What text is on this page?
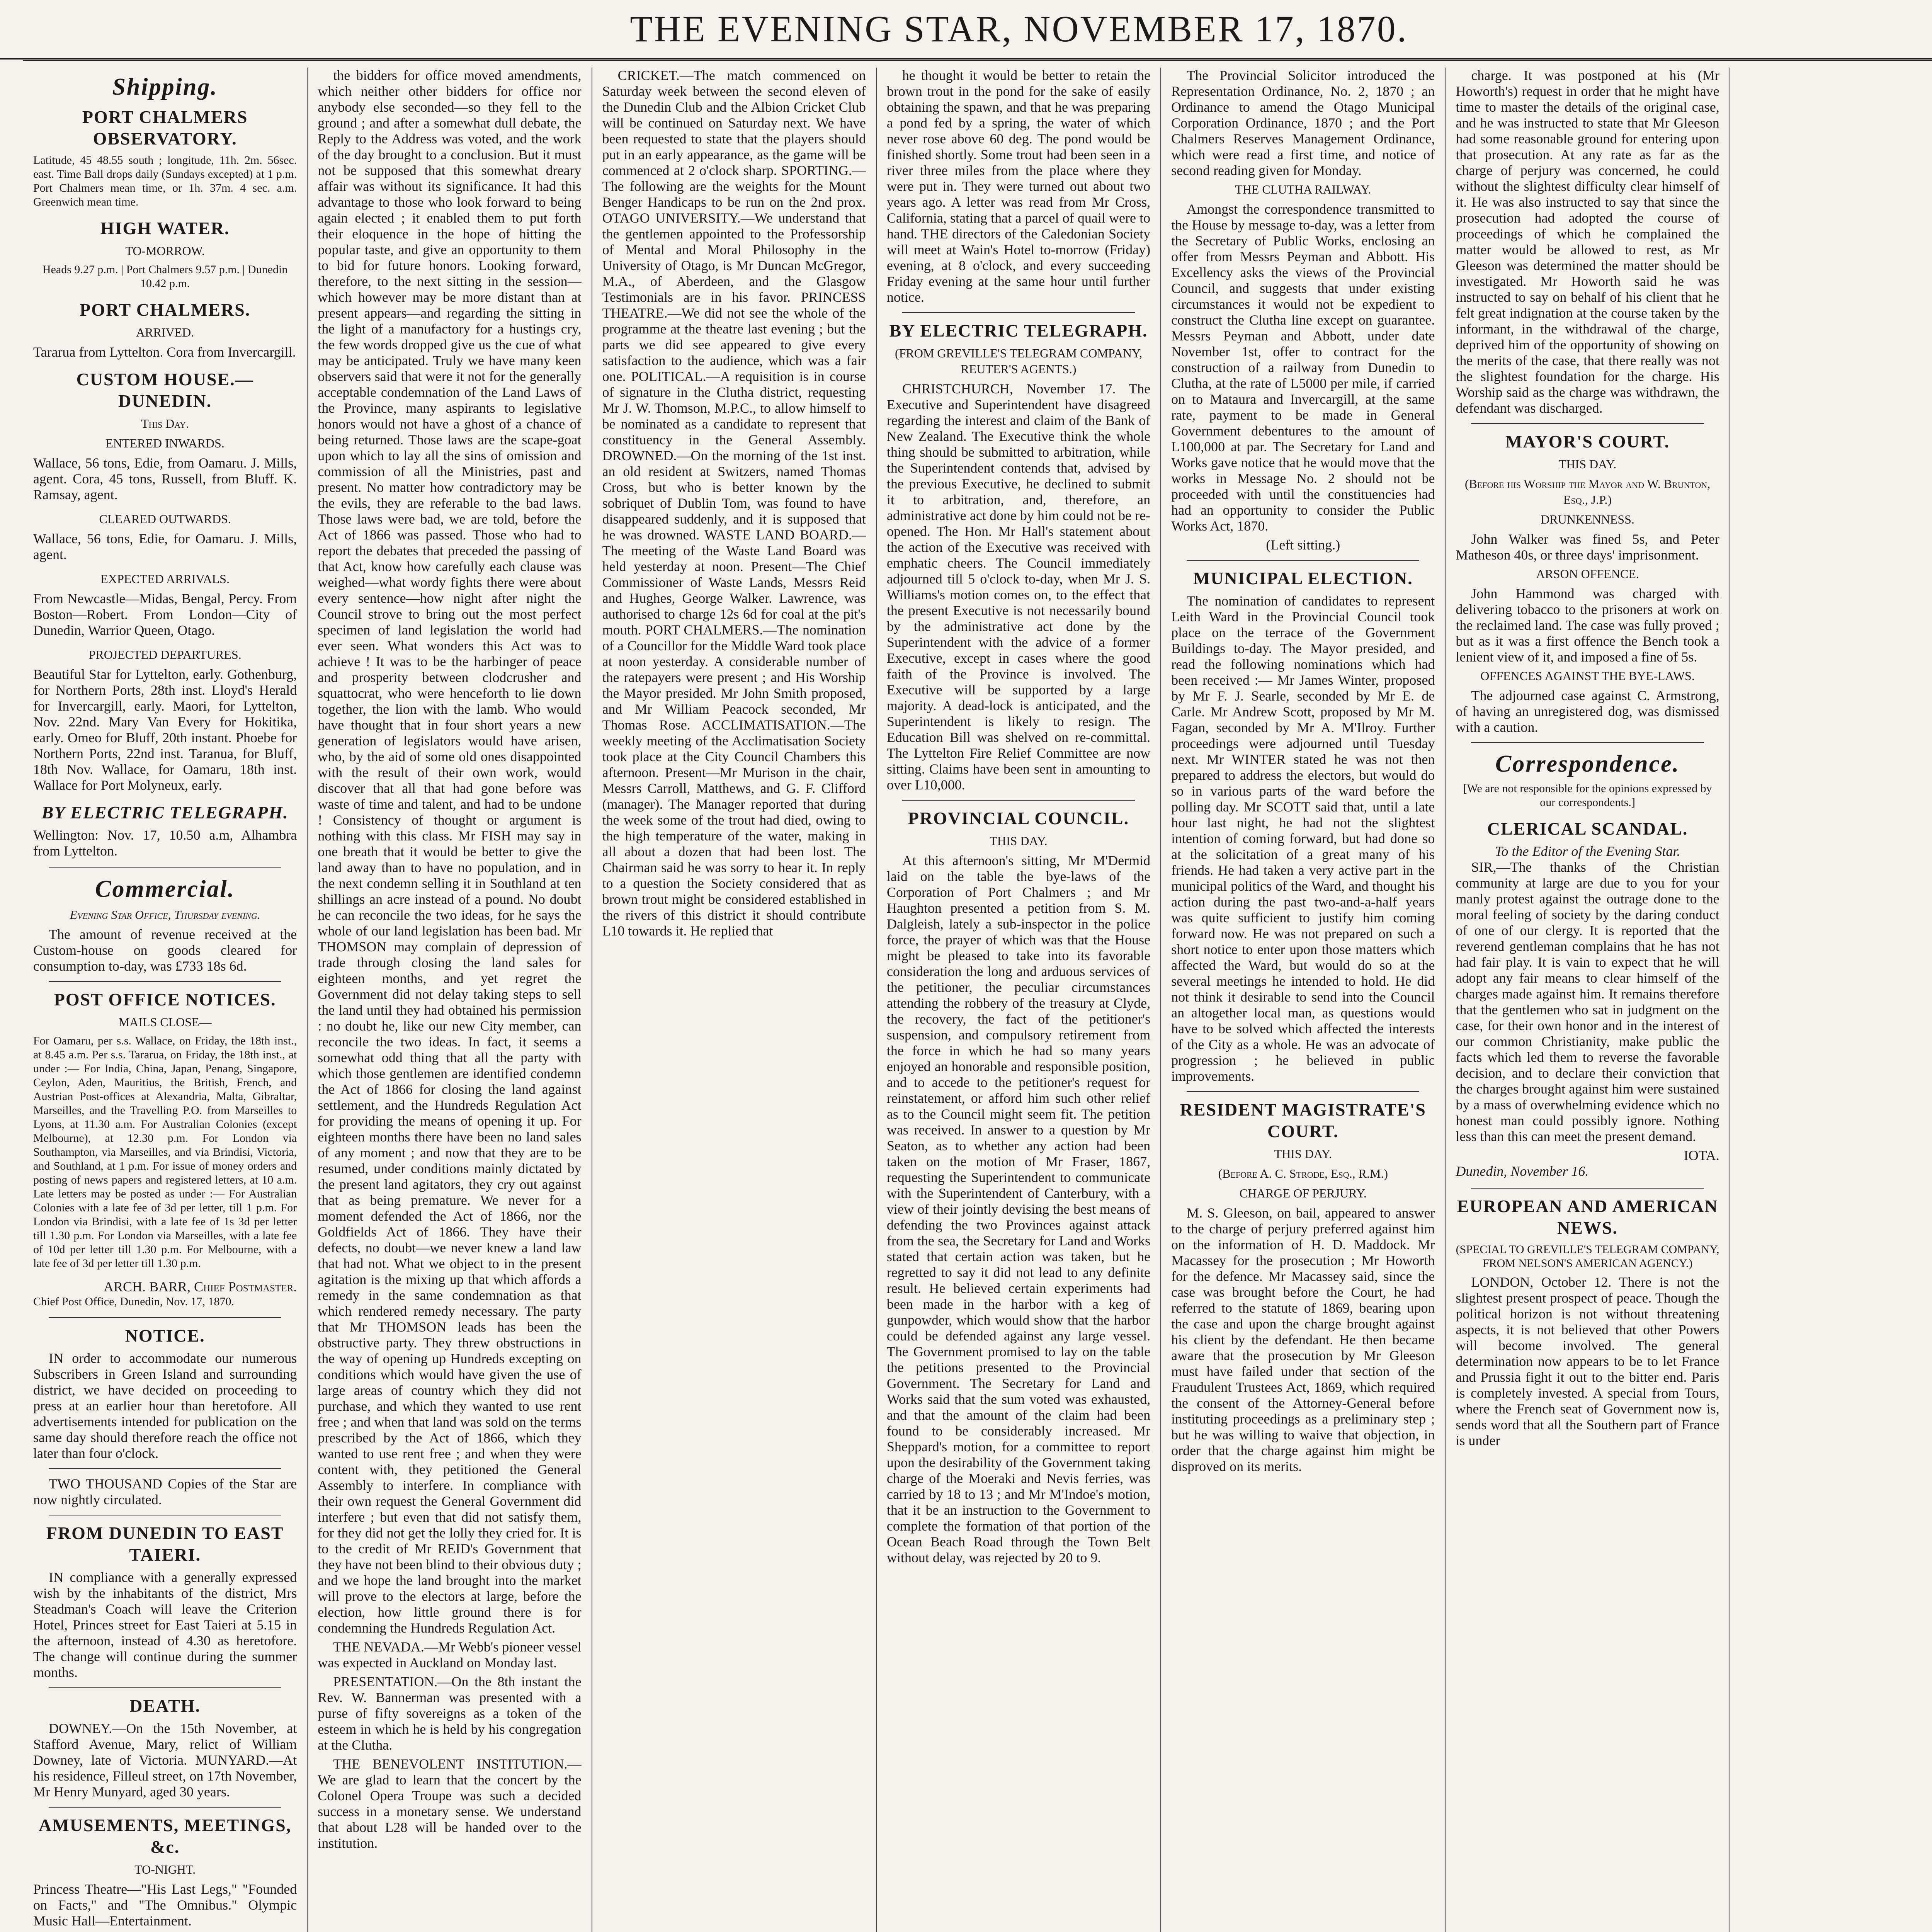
THE EVENING STAR, NOVEMBER 17, 1870.
Shipping.
PORT CHALMERS OBSERVATORY.
Latitude, 45 48.55 south ; longitude, 11h. 2m. 56sec. east. Time Ball drops daily (Sundays excepted) at 1 p.m. Port Chalmers mean time, or 1h. 37m. 4 sec. a.m. Greenwich mean time.
HIGH WATER.
TO-MORROW.
Heads 9.27 p.m. | Port Chalmers 9.57 p.m. | Dunedin 10.42 p.m.
PORT CHALMERS.
ARRIVED.
Tararua from Lyttelton. Cora from Invercargill.
CUSTOM HOUSE.—DUNEDIN.
This Day.
ENTERED INWARDS.
Wallace, 56 tons, Edie, from Oamaru. J. Mills, agent. Cora, 45 tons, Russell, from Bluff. K. Ramsay, agent.
CLEARED OUTWARDS.
Wallace, 56 tons, Edie, for Oamaru. J. Mills, agent.
EXPECTED ARRIVALS.
From Newcastle—Midas, Bengal, Percy. From Boston—Robert. From London—City of Dunedin, Warrior Queen, Otago.
PROJECTED DEPARTURES.
Beautiful Star for Lyttelton, early. Gothenburg, for Northern Ports, 28th inst. Lloyd's Herald for Invercargill, early. Maori, for Lyttelton, Nov. 22nd. Mary Van Every for Hokitika, early. Omeo for Bluff, 20th instant. Phoebe for Northern Ports, 22nd inst. Taranua, for Bluff, 18th Nov. Wallace, for Oamaru, 18th inst. Wallace for Port Molyneux, early.
BY ELECTRIC TELEGRAPH.
Wellington: Nov. 17, 10.50 a.m, Alhambra from Lyttelton.
Commercial.
Evening Star Office, Thursday evening.
The amount of revenue received at the Custom-house on goods cleared for consumption to-day, was £733 18s 6d.
POST OFFICE NOTICES.
MAILS CLOSE—
For Oamaru, per s.s. Wallace, on Friday, the 18th inst., at 8.45 a.m. Per s.s. Tararua, on Friday, the 18th inst., at under :— For India, China, Japan, Penang, Singapore, Ceylon, Aden, Mauritius, the British, French, and Austrian Post-offices at Alexandria, Malta, Gibraltar, Marseilles, and the Travelling P.O. from Marseilles to Lyons, at 11.30 a.m. For Australian Colonies (except Melbourne), at 12.30 p.m. For London via Southampton, via Marseilles, and via Brindisi, Victoria, and Southland, at 1 p.m. For issue of money orders and posting of news papers and registered letters, at 10 a.m. Late letters may be posted as under :— For Australian Colonies with a late fee of 3d per letter, till 1 p.m. For London via Brindisi, with a late fee of 1s 3d per letter till 1.30 p.m. For London via Marseilles, with a late fee of 10d per letter till 1.30 p.m. For Melbourne, with a late fee of 3d per letter till 1.30 p.m.
ARCH. BARR, Chief Postmaster.
Chief Post Office, Dunedin, Nov. 17, 1870.
NOTICE.
IN order to accommodate our numerous Subscribers in Green Island and surrounding district, we have decided on proceeding to press at an earlier hour than heretofore. All advertisements intended for publication on the same day should therefore reach the office not later than four o'clock.
TWO THOUSAND Copies of the Star are now nightly circulated.
FROM DUNEDIN TO EAST TAIERI.
IN compliance with a generally expressed wish by the inhabitants of the district, Mrs Steadman's Coach will leave the Criterion Hotel, Princes street for East Taieri at 5.15 in the afternoon, instead of 4.30 as heretofore. The change will continue during the summer months.
DEATH.
DOWNEY.—On the 15th November, at Stafford Avenue, Mary, relict of William Downey, late of Victoria. MUNYARD.—At his residence, Filleul street, on 17th November, Mr Henry Munyard, aged 30 years.
AMUSEMENTS, MEETINGS, &c.
TO-NIGHT.
Princess Theatre—"His Last Legs," "Founded on Facts," and "The Omnibus." Olympic Music Hall—Entertainment.
the bidders for office moved amendments, which neither other bidders for office nor anybody else seconded—so they fell to the ground ; and after a somewhat dull debate, the Reply to the Address was voted, and the work of the day brought to a conclusion. But it must not be supposed that this somewhat dreary affair was without its significance. It had this advantage to those who look forward to being again elected ; it enabled them to put forth their eloquence in the hope of hitting the popular taste, and give an opportunity to them to bid for future honors. Looking forward, therefore, to the next sitting in the session—which however may be more distant than at present appears—and regarding the sitting in the light of a manufactory for a hustings cry, the few words dropped give us the cue of what may be anticipated. Truly we have many keen observers said that were it not for the generally acceptable condemnation of the Land Laws of the Province, many aspirants to legislative honors would not have a ghost of a chance of being returned. Those laws are the scape-goat upon which to lay all the sins of omission and commission of all the Ministries, past and present. No matter how contradictory may be the evils, they are referable to the bad laws. Those laws were bad, we are told, before the Act of 1866 was passed. Those who had to report the debates that preceded the passing of that Act, know how carefully each clause was weighed—what wordy fights there were about every sentence—how night after night the Council strove to bring out the most perfect specimen of land legislation the world had ever seen. What wonders this Act was to achieve ! It was to be the harbinger of peace and prosperity between clodcrusher and squattocrat, who were henceforth to lie down together, the lion with the lamb. Who would have thought that in four short years a new generation of legislators would have arisen, who, by the aid of some old ones disappointed with the result of their own work, would discover that all that had gone before was waste of time and talent, and had to be undone ! Consistency of thought or argument is nothing with this class. Mr FISH may say in one breath that it would be better to give the land away than to have no population, and in the next condemn selling it in Southland at ten shillings an acre instead of a pound. No doubt he can reconcile the two ideas, for he says the whole of our land legislation has been bad. Mr THOMSON may complain of depression of trade through closing the land sales for eighteen months, and yet regret the Government did not delay taking steps to sell the land until they had obtained his permission : no doubt he, like our new City member, can reconcile the two ideas. In fact, it seems a somewhat odd thing that all the party with which those gentlemen are identified condemn the Act of 1866 for closing the land against settlement, and the Hundreds Regulation Act for providing the means of opening it up. For eighteen months there have been no land sales of any moment ; and now that they are to be resumed, under conditions mainly dictated by the present land agitators, they cry out against that as being premature. We never for a moment defended the Act of 1866, nor the Goldfields Act of 1866. They have their defects, no doubt—we never knew a land law that had not. What we object to in the present agitation is the mixing up that which affords a remedy in the same condemnation as that which rendered remedy necessary. The party that Mr THOMSON leads has been the obstructive party. They threw obstructions in the way of opening up Hundreds excepting on conditions which would have given the use of large areas of country which they did not purchase, and which they wanted to use rent free ; and when that land was sold on the terms prescribed by the Act of 1866, which they wanted to use rent free ; and when they were content with, they petitioned the General Assembly to interfere. In compliance with their own request the General Government did interfere ; but even that did not satisfy them, for they did not get the lolly they cried for. It is to the credit of Mr REID's Government that they have not been blind to their obvious duty ; and we hope the land brought into the market will prove to the electors at large, before the election, how little ground there is for condemning the Hundreds Regulation Act.
THE NEVADA.—Mr Webb's pioneer vessel was expected in Auckland on Monday last.
PRESENTATION.—On the 8th instant the Rev. W. Bannerman was presented with a purse of fifty sovereigns as a token of the esteem in which he is held by his congregation at the Clutha.
THE BENEVOLENT INSTITUTION.—We are glad to learn that the concert by the Colonel Opera Troupe was such a decided success in a monetary sense. We understand that about L28 will be handed over to the institution.
CRICKET.—The match commenced on Saturday week between the second eleven of the Dunedin Club and the Albion Cricket Club will be continued on Saturday next. We have been requested to state that the players should put in an early appearance, as the game will be commenced at 2 o'clock sharp. SPORTING.—The following are the weights for the Mount Benger Handicaps to be run on the 2nd prox. OTAGO UNIVERSITY.—We understand that the gentlemen appointed to the Professorship of Mental and Moral Philosophy in the University of Otago, is Mr Duncan McGregor, M.A., of Aberdeen, and the Glasgow Testimonials are in his favor. PRINCESS THEATRE.—We did not see the whole of the programme at the theatre last evening ; but the parts we did see appeared to give every satisfaction to the audience, which was a fair one. POLITICAL.—A requisition is in course of signature in the Clutha district, requesting Mr J. W. Thomson, M.P.C., to allow himself to be nominated as a candidate to represent that constituency in the General Assembly. DROWNED.—On the morning of the 1st inst. an old resident at Switzers, named Thomas Cross, but who is better known by the sobriquet of Dublin Tom, was found to have disappeared suddenly, and it is supposed that he was drowned. WASTE LAND BOARD.—The meeting of the Waste Land Board was held yesterday at noon. Present—The Chief Commissioner of Waste Lands, Messrs Reid and Hughes, George Walker. Lawrence, was authorised to charge 12s 6d for coal at the pit's mouth. PORT CHALMERS.—The nomination of a Councillor for the Middle Ward took place at noon yesterday. A considerable number of the ratepayers were present ; and His Worship the Mayor presided. Mr John Smith proposed, and Mr William Peacock seconded, Mr Thomas Rose. ACCLIMATISATION.—The weekly meeting of the Acclimatisation Society took place at the City Council Chambers this afternoon. Present—Mr Murison in the chair, Messrs Carroll, Matthews, and G. F. Clifford (manager). The Manager reported that during the week some of the trout had died, owing to the high temperature of the water, making in all about a dozen that had been lost. The Chairman said he was sorry to hear it. In reply to a question the Society considered that as brown trout might be considered established in the rivers of this district it should contribute L10 towards it. He replied that
he thought it would be better to retain the brown trout in the pond for the sake of easily obtaining the spawn, and that he was preparing a pond fed by a spring, the water of which never rose above 60 deg. The pond would be finished shortly. Some trout had been seen in a river three miles from the place where they were put in. They were turned out about two years ago. A letter was read from Mr Cross, California, stating that a parcel of quail were to hand. THE directors of the Caledonian Society will meet at Wain's Hotel to-morrow (Friday) evening, at 8 o'clock, and every succeeding Friday evening at the same hour until further notice.
BY ELECTRIC TELEGRAPH.
(FROM GREVILLE'S TELEGRAM COMPANY, REUTER'S AGENTS.)
CHRISTCHURCH, November 17. The Executive and Superintendent have disagreed regarding the interest and claim of the Bank of New Zealand. The Executive think the whole thing should be submitted to arbitration, while the Superintendent contends that, advised by the previous Executive, he declined to submit it to arbitration, and, therefore, an administrative act done by him could not be re-opened. The Hon. Mr Hall's statement about the action of the Executive was received with emphatic cheers. The Council immediately adjourned till 5 o'clock to-day, when Mr J. S. Williams's motion comes on, to the effect that the present Executive is not necessarily bound by the administrative act done by the Superintendent with the advice of a former Executive, except in cases where the good faith of the Province is involved. The Executive will be supported by a large majority. A dead-lock is anticipated, and the Superintendent is likely to resign. The Education Bill was shelved on re-committal. The Lyttelton Fire Relief Committee are now sitting. Claims have been sent in amounting to over L10,000.
PROVINCIAL COUNCIL.
THIS DAY.
At this afternoon's sitting, Mr M'Dermid laid on the table the bye-laws of the Corporation of Port Chalmers ; and Mr Haughton presented a petition from S. M. Dalgleish, lately a sub-inspector in the police force, the prayer of which was that the House might be pleased to take into its favorable consideration the long and arduous services of the petitioner, the peculiar circumstances attending the robbery of the treasury at Clyde, the recovery, the fact of the petitioner's suspension, and compulsory retirement from the force in which he had so many years enjoyed an honorable and responsible position, and to accede to the petitioner's request for reinstatement, or afford him such other relief as to the Council might seem fit. The petition was received. In answer to a question by Mr Seaton, as to whether any action had been taken on the motion of Mr Fraser, 1867, requesting the Superintendent to communicate with the Superintendent of Canterbury, with a view of their jointly devising the best means of defending the two Provinces against attack from the sea, the Secretary for Land and Works stated that certain action was taken, but he regretted to say it did not lead to any definite result. He believed certain experiments had been made in the harbor with a keg of gunpowder, which would show that the harbor could be defended against any large vessel. The Government promised to lay on the table the petitions presented to the Provincial Government. The Secretary for Land and Works said that the sum voted was exhausted, and that the amount of the claim had been found to be considerably increased. Mr Sheppard's motion, for a committee to report upon the desirability of the Government taking charge of the Moeraki and Nevis ferries, was carried by 18 to 13 ; and Mr M'Indoe's motion, that it be an instruction to the Government to complete the formation of that portion of the Ocean Beach Road through the Town Belt without delay, was rejected by 20 to 9.
The Provincial Solicitor introduced the Representation Ordinance, No. 2, 1870 ; an Ordinance to amend the Otago Municipal Corporation Ordinance, 1870 ; and the Port Chalmers Reserves Management Ordinance, which were read a first time, and notice of second reading given for Monday.
THE CLUTHA RAILWAY.
Amongst the correspondence transmitted to the House by message to-day, was a letter from the Secretary of Public Works, enclosing an offer from Messrs Peyman and Abbott. His Excellency asks the views of the Provincial Council, and suggests that under existing circumstances it would not be expedient to construct the Clutha line except on guarantee. Messrs Peyman and Abbott, under date November 1st, offer to contract for the construction of a railway from Dunedin to Clutha, at the rate of L5000 per mile, if carried on to Mataura and Invercargill, at the same rate, payment to be made in General Government debentures to the amount of L100,000 at par. The Secretary for Land and Works gave notice that he would move that the works in Message No. 2 should not be proceeded with until the constituencies had had an opportunity to consider the Public Works Act, 1870.
(Left sitting.)
MUNICIPAL ELECTION.
The nomination of candidates to represent Leith Ward in the Provincial Council took place on the terrace of the Government Buildings to-day. The Mayor presided, and read the following nominations which had been received :— Mr James Winter, proposed by Mr F. J. Searle, seconded by Mr E. de Carle. Mr Andrew Scott, proposed by Mr M. Fagan, seconded by Mr A. M'Ilroy. Further proceedings were adjourned until Tuesday next. Mr WINTER stated he was not then prepared to address the electors, but would do so in various parts of the ward before the polling day. Mr SCOTT said that, until a late hour last night, he had not the slightest intention of coming forward, but had done so at the solicitation of a great many of his friends. He had taken a very active part in the municipal politics of the Ward, and thought his action during the past two-and-a-half years was quite sufficient to justify him coming forward now. He was not prepared on such a short notice to enter upon those matters which affected the Ward, but would do so at the several meetings he intended to hold. He did not think it desirable to send into the Council an altogether local man, as questions would have to be solved which affected the interests of the City as a whole. He was an advocate of progression ; he believed in public improvements.
RESIDENT MAGISTRATE'S COURT.
THIS DAY.
(Before A. C. Strode, Esq., R.M.)
CHARGE OF PERJURY.
M. S. Gleeson, on bail, appeared to answer to the charge of perjury preferred against him on the information of H. D. Maddock. Mr Macassey for the prosecution ; Mr Howorth for the defence. Mr Macassey said, since the case was brought before the Court, he had referred to the statute of 1869, bearing upon the case and upon the charge brought against his client by the defendant. He then became aware that the prosecution by Mr Gleeson must have failed under that section of the Fraudulent Trustees Act, 1869, which required the consent of the Attorney-General before instituting proceedings as a preliminary step ; but he was willing to waive that objection, in order that the charge against him might be disproved on its merits.
charge. It was postponed at his (Mr Howorth's) request in order that he might have time to master the details of the original case, and he was instructed to state that Mr Gleeson had some reasonable ground for entering upon that prosecution. At any rate as far as the charge of perjury was concerned, he could without the slightest difficulty clear himself of it. He was also instructed to say that since the prosecution had adopted the course of proceedings of which he complained the matter would be allowed to rest, as Mr Gleeson was determined the matter should be investigated. Mr Howorth said he was instructed to say on behalf of his client that he felt great indignation at the course taken by the informant, in the withdrawal of the charge, deprived him of the opportunity of showing on the merits of the case, that there really was not the slightest foundation for the charge. His Worship said as the charge was withdrawn, the defendant was discharged.
MAYOR'S COURT.
THIS DAY.
(Before his Worship the Mayor and W. Brunton, Esq., J.P.)
DRUNKENNESS.
John Walker was fined 5s, and Peter Matheson 40s, or three days' imprisonment.
ARSON OFFENCE.
John Hammond was charged with delivering tobacco to the prisoners at work on the reclaimed land. The case was fully proved ; but as it was a first offence the Bench took a lenient view of it, and imposed a fine of 5s.
OFFENCES AGAINST THE BYE-LAWS.
The adjourned case against C. Armstrong, of having an unregistered dog, was dismissed with a caution.
Correspondence.
[We are not responsible for the opinions expressed by our correspondents.]
CLERICAL SCANDAL.
To the Editor of the Evening Star.
SIR,—The thanks of the Christian community at large are due to you for your manly protest against the outrage done to the moral feeling of society by the daring conduct of one of our clergy. It is reported that the reverend gentleman complains that he has not had fair play. It is vain to expect that he will adopt any fair means to clear himself of the charges made against him. It remains therefore that the gentlemen who sat in judgment on the case, for their own honor and in the interest of our common Christianity, make public the facts which led them to reverse the favorable decision, and to declare their conviction that the charges brought against him were sustained by a mass of overwhelming evidence which no honest man could possibly ignore. Nothing less than this can meet the present demand.
IOTA.
Dunedin, November 16.
EUROPEAN AND AMERICAN NEWS.
(SPECIAL TO GREVILLE'S TELEGRAM COMPANY, FROM NELSON'S AMERICAN AGENCY.)
LONDON, October 12. There is not the slightest present prospect of peace. Though the political horizon is not without threatening aspects, it is not believed that other Powers will become involved. The general determination now appears to be to let France and Prussia fight it out to the bitter end. Paris is completely invested. A special from Tours, where the French seat of Government now is, sends word that all the Southern part of France is under
